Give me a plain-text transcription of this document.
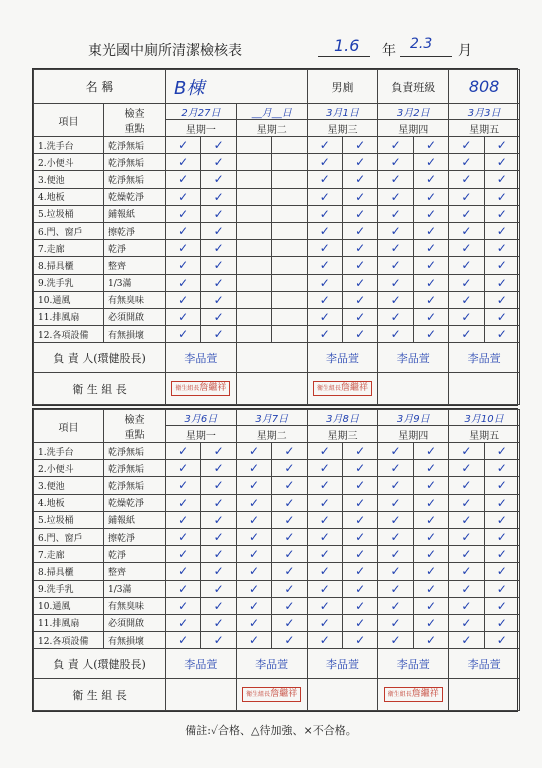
東光國中廁所清潔檢核表	1.6 年 2.3 月
名 稱		B棟				男廁		負責班級		808	
項目	檢查
重點	2月27日		__月__日		3月1日		3月2日		3月3日	
		星期一		星期二		星期三		星期四		星期五	
1.洗手台	乾淨無垢	✓	✓			✓	✓	✓	✓	✓	✓
2.小便斗	乾淨無垢	✓	✓			✓	✓	✓	✓	✓	✓
3.便池	乾淨無垢	✓	✓			✓	✓	✓	✓	✓	✓
4.地板	乾燥乾淨	✓	✓			✓	✓	✓	✓	✓	✓
5.垃圾桶	鋪報紙	✓	✓			✓	✓	✓	✓	✓	✓
6.門、窗戶	擦乾淨	✓	✓			✓	✓	✓	✓	✓	✓
7.走廊	乾淨	✓	✓			✓	✓	✓	✓	✓	✓
8.掃具櫃	整齊	✓	✓			✓	✓	✓	✓	✓	✓
9.洗手乳	1/3滿	✓	✓			✓	✓	✓	✓	✓	✓
10.通風	有無臭味	✓	✓			✓	✓	✓	✓	✓	✓
11.排風扇	必須開啟	✓	✓			✓	✓	✓	✓	✓	✓
12.各項設備	有無損壞	✓	✓			✓	✓	✓	✓	✓	✓
負 責 人(環健股長)		李品萱				李品萱		李品萱		李品萱	
衛 生 組 長		衛生組長詹繼祥				衛生組長詹繼祥					
項目	檢查
重點	3月6日		3月7日		3月8日		3月9日		3月10日	
		星期一		星期二		星期三		星期四		星期五	
1.洗手台	乾淨無垢	✓	✓	✓	✓	✓	✓	✓	✓	✓	✓
2.小便斗	乾淨無垢	✓	✓	✓	✓	✓	✓	✓	✓	✓	✓
3.便池	乾淨無垢	✓	✓	✓	✓	✓	✓	✓	✓	✓	✓
4.地板	乾燥乾淨	✓	✓	✓	✓	✓	✓	✓	✓	✓	✓
5.垃圾桶	鋪報紙	✓	✓	✓	✓	✓	✓	✓	✓	✓	✓
6.門、窗戶	擦乾淨	✓	✓	✓	✓	✓	✓	✓	✓	✓	✓
7.走廊	乾淨	✓	✓	✓	✓	✓	✓	✓	✓	✓	✓
8.掃具櫃	整齊	✓	✓	✓	✓	✓	✓	✓	✓	✓	✓
9.洗手乳	1/3滿	✓	✓	✓	✓	✓	✓	✓	✓	✓	✓
10.通風	有無臭味	✓	✓	✓	✓	✓	✓	✓	✓	✓	✓
11.排風扇	必須開啟	✓	✓	✓	✓	✓	✓	✓	✓	✓	✓
12.各項設備	有無損壞	✓	✓	✓	✓	✓	✓	✓	✓	✓	✓
負 責 人(環健股長)		李品萱		李品萱		李品萱		李品萱		李品萱	
衛 生 組 長				衛生組長詹繼祥				衛生組長詹繼祥			
備註:✓合格、△待加強、×不合格。
